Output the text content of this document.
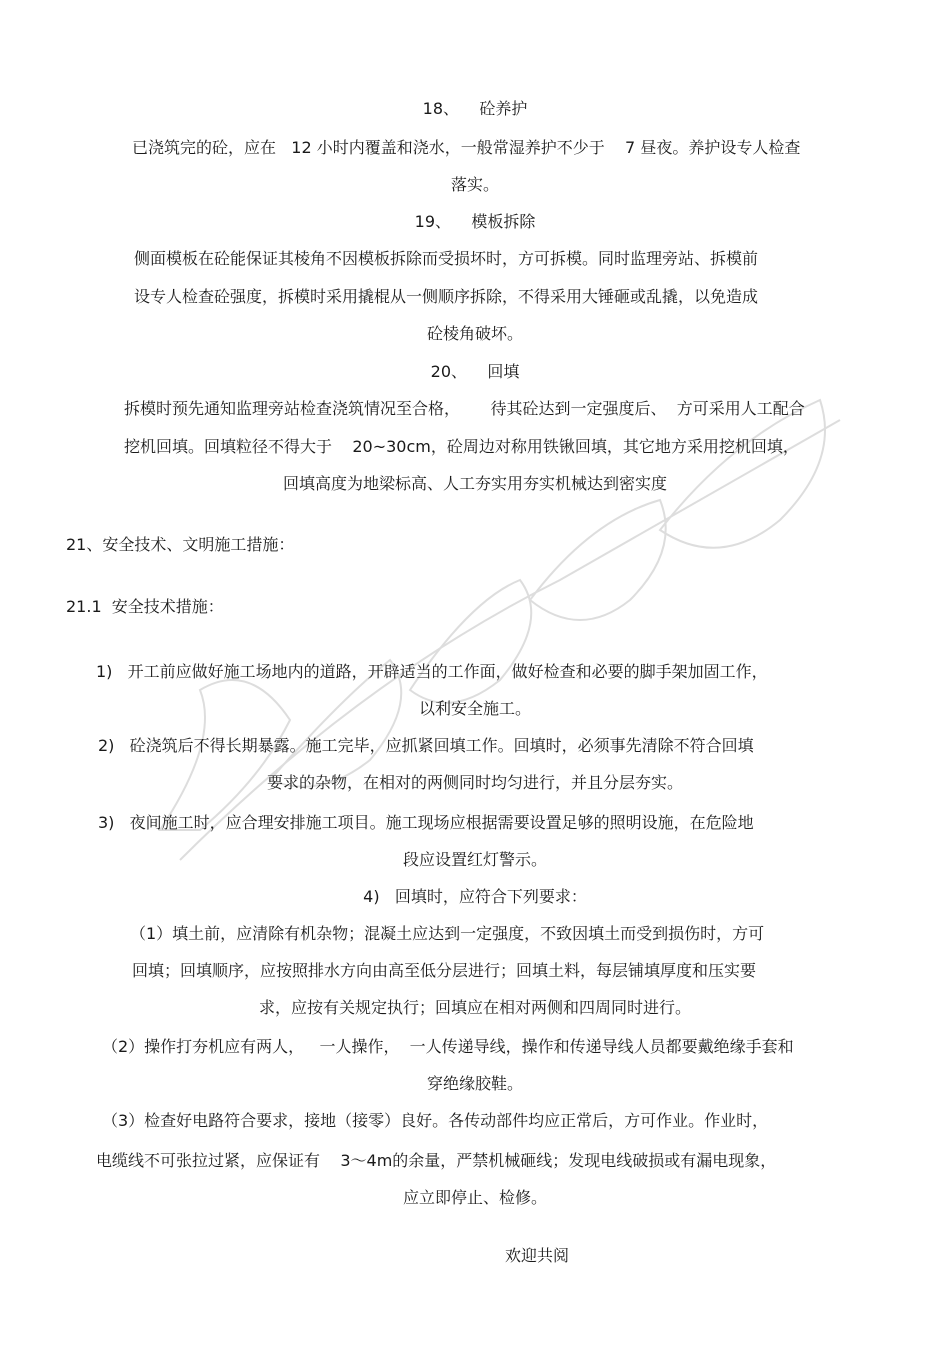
18、    砼养护
已浇筑完的砼，应在   12 小时内覆盖和浇水，一般常湿养护不少于    7 昼夜。养护设专人检查
落实。
19、    模板拆除
侧面模板在砼能保证其棱角不因模板拆除而受损坏时，方可拆模。同时监理旁站、拆模前
设专人检查砼强度，拆模时采用撬棍从一侧顺序拆除，不得采用大锤砸或乱撬，以免造成
砼棱角破坏。
20、    回填
拆模时预先通知监理旁站检查浇筑情况至合格，      待其砼达到一定强度后、  方可采用人工配合
挖机回填。回填粒径不得大于    20~30cm，砼周边对称用铁锹回填，其它地方采用挖机回填，
回填高度为地梁标高、人工夯实用夯实机械达到密实度
21、安全技术、文明施工措施：
21.1  安全技术措施：
1)   开工前应做好施工场地内的道路，开辟适当的工作面，做好检查和必要的脚手架加固工作，
以利安全施工。
2)   砼浇筑后不得长期暴露。施工完毕，应抓紧回填工作。回填时，必须事先清除不符合回填
要求的杂物，在相对的两侧同时均匀进行，并且分层夯实。
3)   夜间施工时，应合理安排施工项目。施工现场应根据需要设置足够的照明设施，在危险地
段应设置红灯警示。
4)   回填时，应符合下列要求：
（1）填土前，应清除有机杂物；混凝土应达到一定强度，不致因填土而受到损伤时，方可
回填；回填顺序，应按照排水方向由高至低分层进行；回填土料，每层铺填厚度和压实要
求，应按有关规定执行；回填应在相对两侧和四周同时进行。
（2）操作打夯机应有两人，   一人操作，  一人传递导线，操作和传递导线人员都要戴绝缘手套和
穿绝缘胶鞋。
（3）检查好电路符合要求，接地（接零）良好。各传动部件均应正常后，方可作业。作业时，
电缆线不可张拉过紧，应保证有    3～4m的余量，严禁机械砸线；发现电线破损或有漏电现象，
应立即停止、检修。
欢迎共阅
